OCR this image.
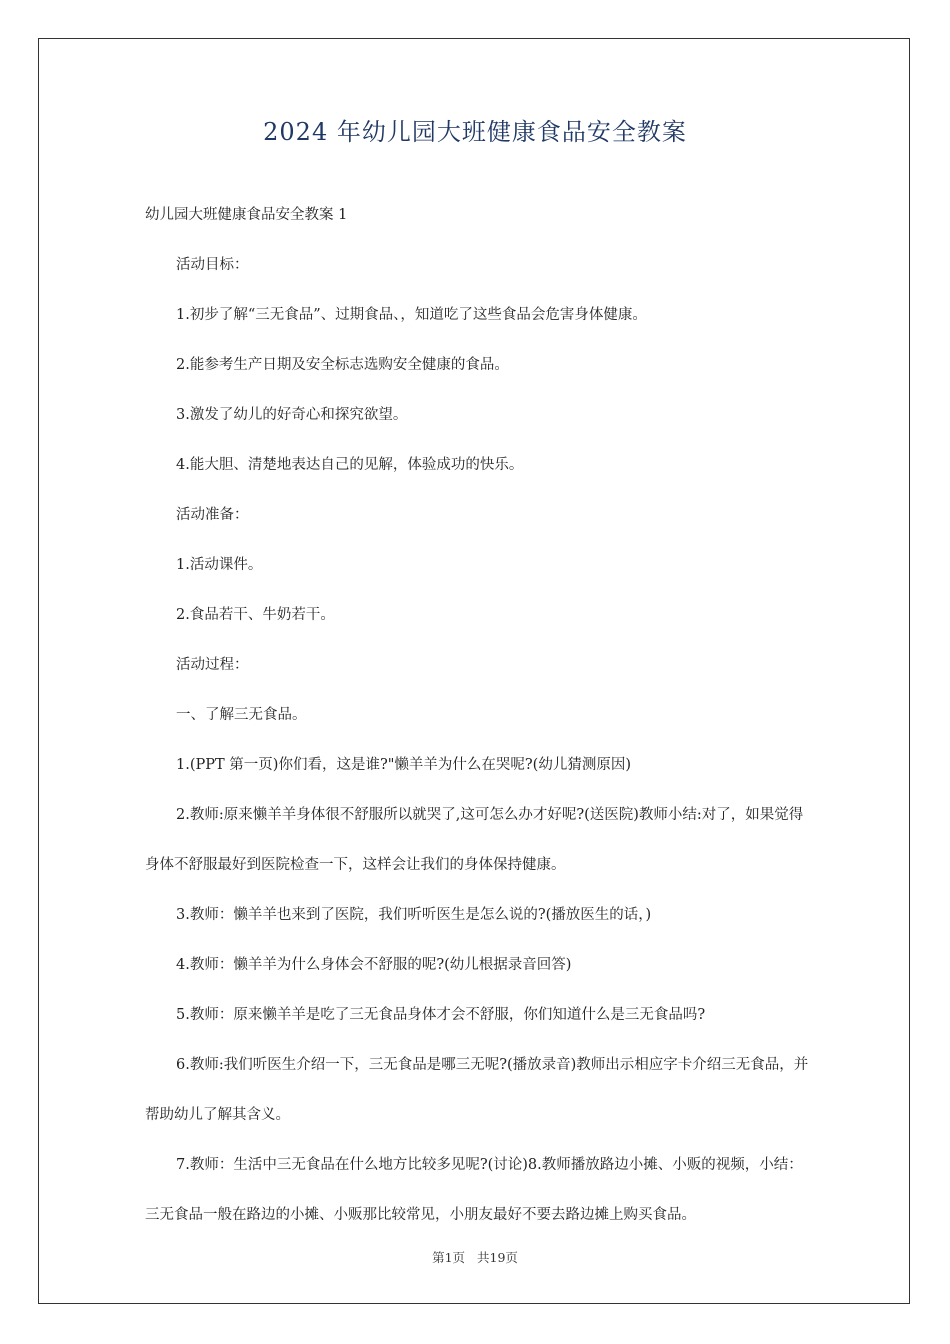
2024 年幼儿园大班健康食品安全教案

幼儿园大班健康食品安全教案 1

活动目标：

1.初步了解“三无食品”、过期食品、，知道吃了这些食品会危害身体健康。

2.能参考生产日期及安全标志选购安全健康的食品。

3.激发了幼儿的好奇心和探究欲望。

4.能大胆、清楚地表达自己的见解，体验成功的快乐。

活动准备：

1.活动课件。

2.食品若干、牛奶若干。

活动过程：

一、了解三无食品。

1.(PPT 第一页)你们看，这是谁?"懒羊羊为什么在哭呢?(幼儿猜测原因)

2.教师:原来懒羊羊身体很不舒服所以就哭了,这可怎么办才好呢?(送医院)教师小结:对了，如果觉得身体不舒服最好到医院检查一下，这样会让我们的身体保持健康。

3.教师：懒羊羊也来到了医院，我们听听医生是怎么说的?(播放医生的话，)

4.教师：懒羊羊为什么身体会不舒服的呢?(幼儿根据录音回答)

5.教师：原来懒羊羊是吃了三无食品身体才会不舒服，你们知道什么是三无食品吗?

6.教师:我们听医生介绍一下，三无食品是哪三无呢?(播放录音)教师出示相应字卡介绍三无食品，并帮助幼儿了解其含义。

7.教师：生活中三无食品在什么地方比较多见呢?(讨论)8.教师播放路边小摊、小贩的视频，小结：三无食品一般在路边的小摊、小贩那比较常见，小朋友最好不要去路边摊上购买食品。

第1页 共19页
